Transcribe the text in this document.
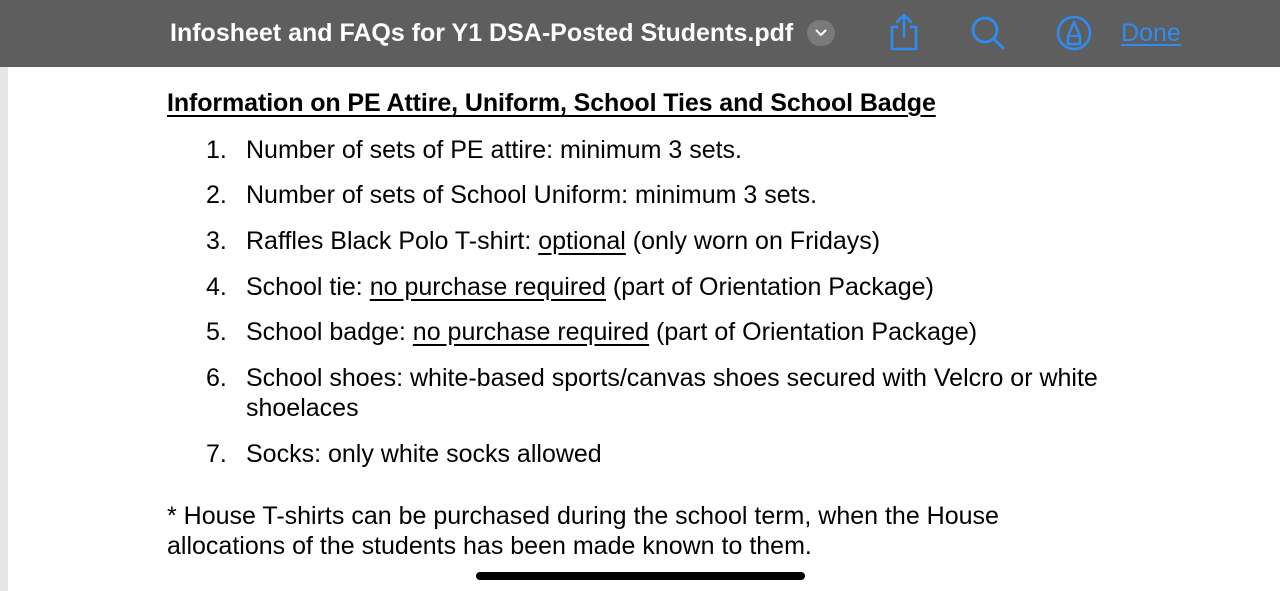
Infosheet and FAQs for Y1 DSA-Posted Students.pdf	Done
Information on PE Attire, Uniform, School Ties and School Badge
1. Number of sets of PE attire: minimum 3 sets.
2. Number of sets of School Uniform: minimum 3 sets.
3. Raffles Black Polo T-shirt: optional (only worn on Fridays)
4. School tie: no purchase required (part of Orientation Package)
5. School badge: no purchase required (part of Orientation Package)
6. School shoes: white-based sports/canvas shoes secured with Velcro or white
shoelaces
7. Socks: only white socks allowed
* House T-shirts can be purchased during the school term, when the House
allocations of the students has been made known to them.
